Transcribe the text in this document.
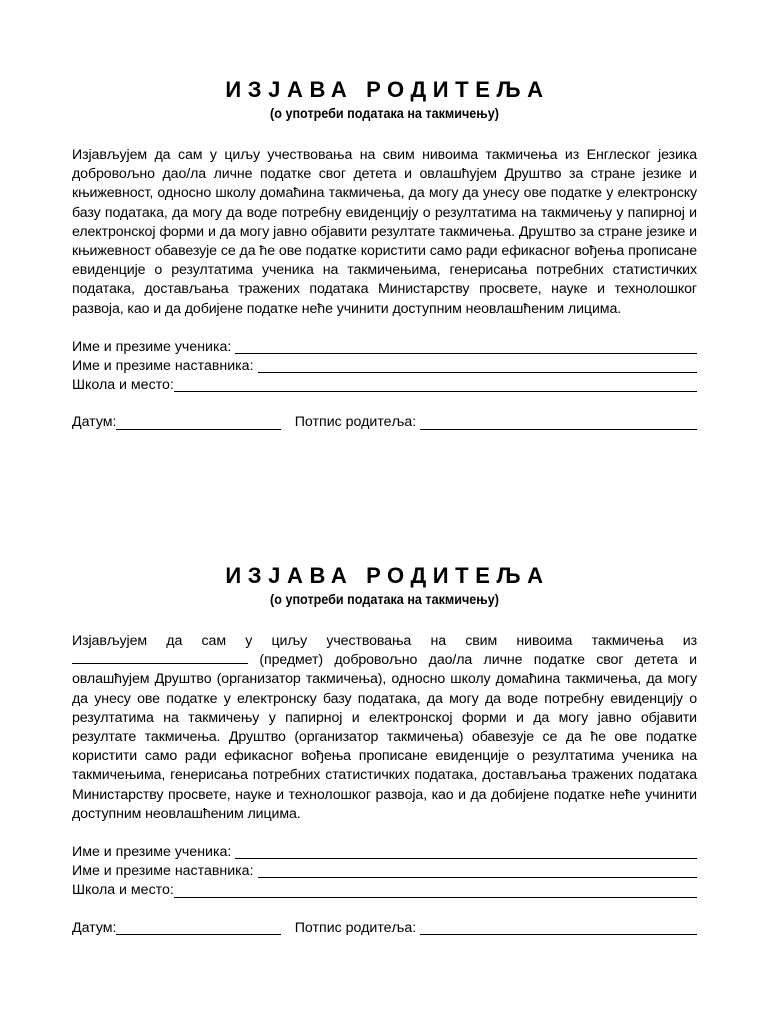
ИЗЈАВА РОДИТЕЉА

(о употреби података на такмичењу)

Изјављујем да сам у циљу учествовања на свим нивоима такмичења из Енглеског језика добровољно дао/ла личне податке свог детета и овлашћујем Друштво за стране језике и књижевност, односно школу домаћина такмичења, да могу да унесу ове податке у електронску базу података, да могу да воде потребну евиденцију о резултатима на такмичењу у папирној и електронској форми и да могу јавно објавити резултате такмичења. Друштво за стране језике и књижевност обавезује се да ће ове податке користити само ради ефикасног вођења прописане евиденције о резултатима ученика на такмичењима, генерисања потребних статистичких података, достављања тражених података Министарству просвете, науке и технолошког развоја, као и да добијене податке неће учинити доступним неовлашћеним лицима.

Име и презиме ученика:
Име и презиме наставника:
Школа и место:
Датум:	Потпис родитеља:
ИЗЈАВА РОДИТЕЉА

(о употреби података на такмичењу)

Изјављујем да сам у циљу учествовања на свим нивоима такмичења из  (предмет) добровољно дао/ла личне податке свог детета и овлашћујем Друштво (организатор такмичења), односно школу домаћина такмичења, да могу да унесу ове податке у електронску базу података, да могу да воде потребну евиденцију о резултатима на такмичењу у папирној и електронској форми и да могу јавно објавити резултате такмичења. Друштво (организатор такмичења) обавезује се да ће ове податке користити само ради ефикасног вођења прописане евиденције о резултатима ученика на такмичењима, генерисања потребних статистичких података, достављања тражених података Министарству просвете, науке и технолошког развоја, као и да добијене податке неће учинити доступним неовлашћеним лицима.

Име и презиме ученика:
Име и презиме наставника:
Школа и место:
Датум:	Потпис родитеља:
